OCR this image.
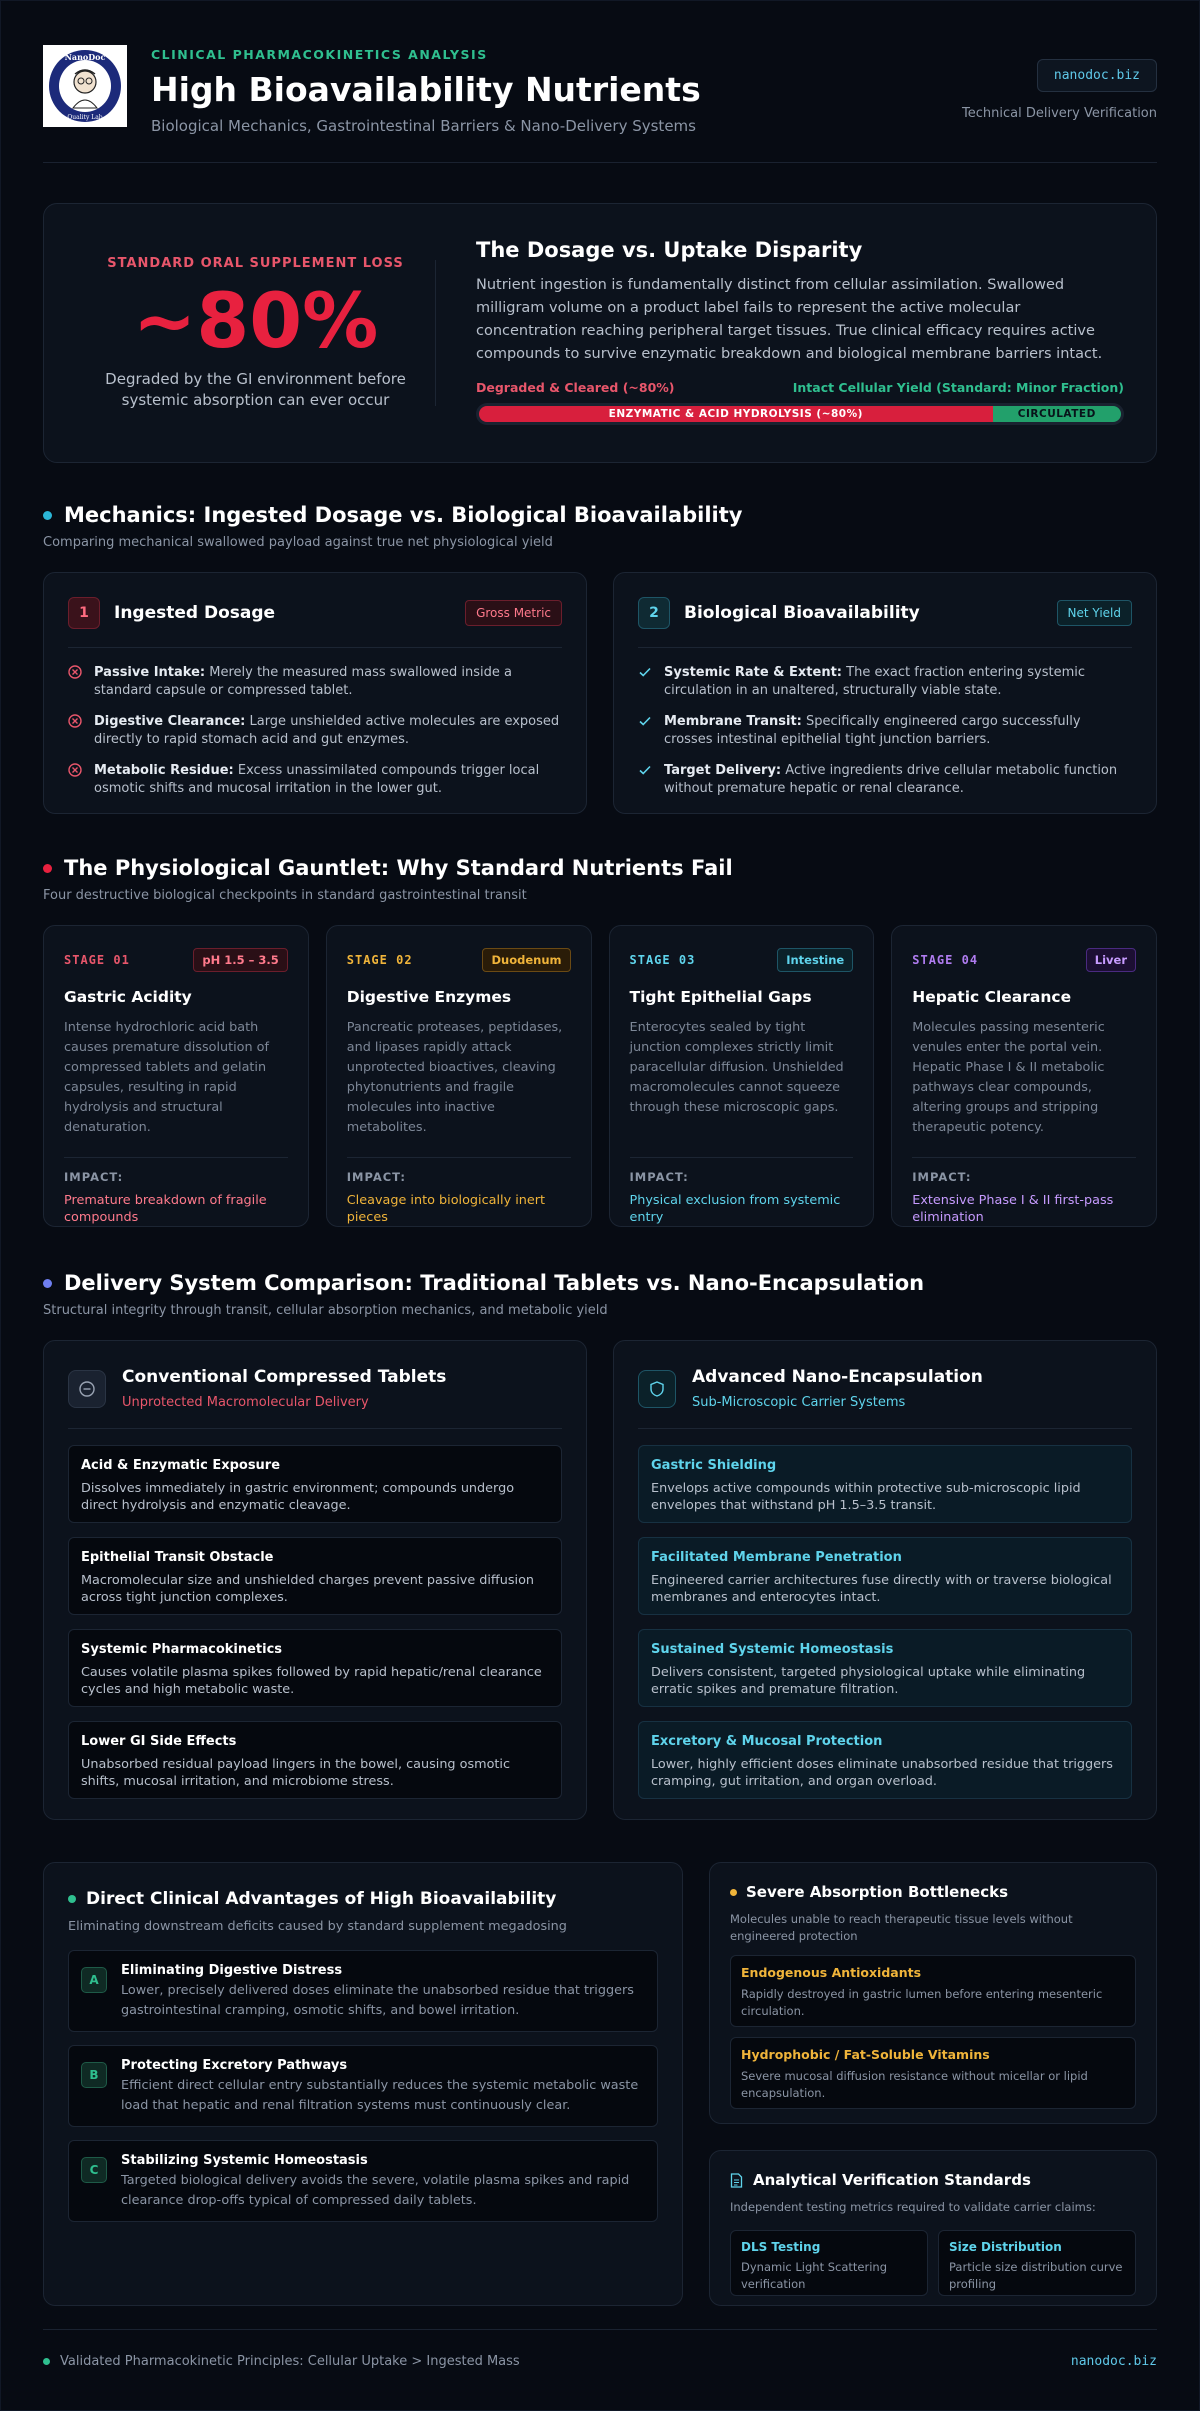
NanoDoc
Quality Lab
CLINICAL PHARMACOKINETICS ANALYSIS
High Bioavailability Nutrients
Biological Mechanics, Gastrointestinal Barriers & Nano-Delivery Systems
nanodoc.biz
Technical Delivery Verification
STANDARD ORAL SUPPLEMENT LOSS
~80%
Degraded by the GI environment before systemic absorption can ever occur
The Dosage vs. Uptake Disparity
Nutrient ingestion is fundamentally distinct from cellular assimilation. Swallowed milligram volume on a product label fails to represent the active molecular concentration reaching peripheral target tissues. True clinical efficacy requires active compounds to survive enzymatic breakdown and biological membrane barriers intact.
Degraded & Cleared (~80%)	Intact Cellular Yield (Standard: Minor Fraction)
ENZYMATIC & ACID HYDROLYSIS (~80%)	CIRCULATED
Mechanics: Ingested Dosage vs. Biological Bioavailability
Comparing mechanical swallowed payload against true net physiological yield
1	Ingested Dosage	Gross Metric
Passive Intake: Merely the measured mass swallowed inside a standard capsule or compressed tablet.
Digestive Clearance: Large unshielded active molecules are exposed directly to rapid stomach acid and gut enzymes.
Metabolic Residue: Excess unassimilated compounds trigger local osmotic shifts and mucosal irritation in the lower gut.
2	Biological Bioavailability	Net Yield
Systemic Rate & Extent: The exact fraction entering systemic circulation in an unaltered, structurally viable state.
Membrane Transit: Specifically engineered cargo successfully crosses intestinal epithelial tight junction barriers.
Target Delivery: Active ingredients drive cellular metabolic function without premature hepatic or renal clearance.
The Physiological Gauntlet: Why Standard Nutrients Fail
Four destructive biological checkpoints in standard gastrointestinal transit
STAGE 01	pH 1.5 – 3.5
Gastric Acidity
Intense hydrochloric acid bath causes premature dissolution of compressed tablets and gelatin capsules, resulting in rapid hydrolysis and structural denaturation.
IMPACT:
Premature breakdown of fragile compounds
STAGE 02	Duodenum
Digestive Enzymes
Pancreatic proteases, peptidases, and lipases rapidly attack unprotected bioactives, cleaving phytonutrients and fragile molecules into inactive metabolites.
IMPACT:
Cleavage into biologically inert pieces
STAGE 03	Intestine
Tight Epithelial Gaps
Enterocytes sealed by tight junction complexes strictly limit paracellular diffusion. Unshielded macromolecules cannot squeeze through these microscopic gaps.
IMPACT:
Physical exclusion from systemic entry
STAGE 04	Liver
Hepatic Clearance
Molecules passing mesenteric venules enter the portal vein. Hepatic Phase I & II metabolic pathways clear compounds, altering groups and stripping therapeutic potency.
IMPACT:
Extensive Phase I & II first-pass elimination
Delivery System Comparison: Traditional Tablets vs. Nano-Encapsulation
Structural integrity through transit, cellular absorption mechanics, and metabolic yield
Conventional Compressed Tablets
Unprotected Macromolecular Delivery
Acid & Enzymatic Exposure
Dissolves immediately in gastric environment; compounds undergo direct hydrolysis and enzymatic cleavage.
Epithelial Transit Obstacle
Macromolecular size and unshielded charges prevent passive diffusion across tight junction complexes.
Systemic Pharmacokinetics
Causes volatile plasma spikes followed by rapid hepatic/renal clearance cycles and high metabolic waste.
Lower GI Side Effects
Unabsorbed residual payload lingers in the bowel, causing osmotic shifts, mucosal irritation, and microbiome stress.
Advanced Nano-Encapsulation
Sub-Microscopic Carrier Systems
Gastric Shielding
Envelops active compounds within protective sub-microscopic lipid envelopes that withstand pH 1.5–3.5 transit.
Facilitated Membrane Penetration
Engineered carrier architectures fuse directly with or traverse biological membranes and enterocytes intact.
Sustained Systemic Homeostasis
Delivers consistent, targeted physiological uptake while eliminating erratic spikes and premature filtration.
Excretory & Mucosal Protection
Lower, highly efficient doses eliminate unabsorbed residue that triggers cramping, gut irritation, and organ overload.
Direct Clinical Advantages of High Bioavailability
Eliminating downstream deficits caused by standard supplement megadosing
A
Eliminating Digestive Distress
Lower, precisely delivered doses eliminate the unabsorbed residue that triggers gastrointestinal cramping, osmotic shifts, and bowel irritation.
B
Protecting Excretory Pathways
Efficient direct cellular entry substantially reduces the systemic metabolic waste load that hepatic and renal filtration systems must continuously clear.
C
Stabilizing Systemic Homeostasis
Targeted biological delivery avoids the severe, volatile plasma spikes and rapid clearance drop-offs typical of compressed daily tablets.
Severe Absorption Bottlenecks
Molecules unable to reach therapeutic tissue levels without engineered protection
Endogenous Antioxidants
Rapidly destroyed in gastric lumen before entering mesenteric circulation.
Hydrophobic / Fat-Soluble Vitamins
Severe mucosal diffusion resistance without micellar or lipid encapsulation.
Analytical Verification Standards
Independent testing metrics required to validate carrier claims:
DLS Testing
Dynamic Light Scattering verification
Size Distribution
Particle size distribution curve profiling
Validated Pharmacokinetic Principles: Cellular Uptake > Ingested Mass	nanodoc.biz
